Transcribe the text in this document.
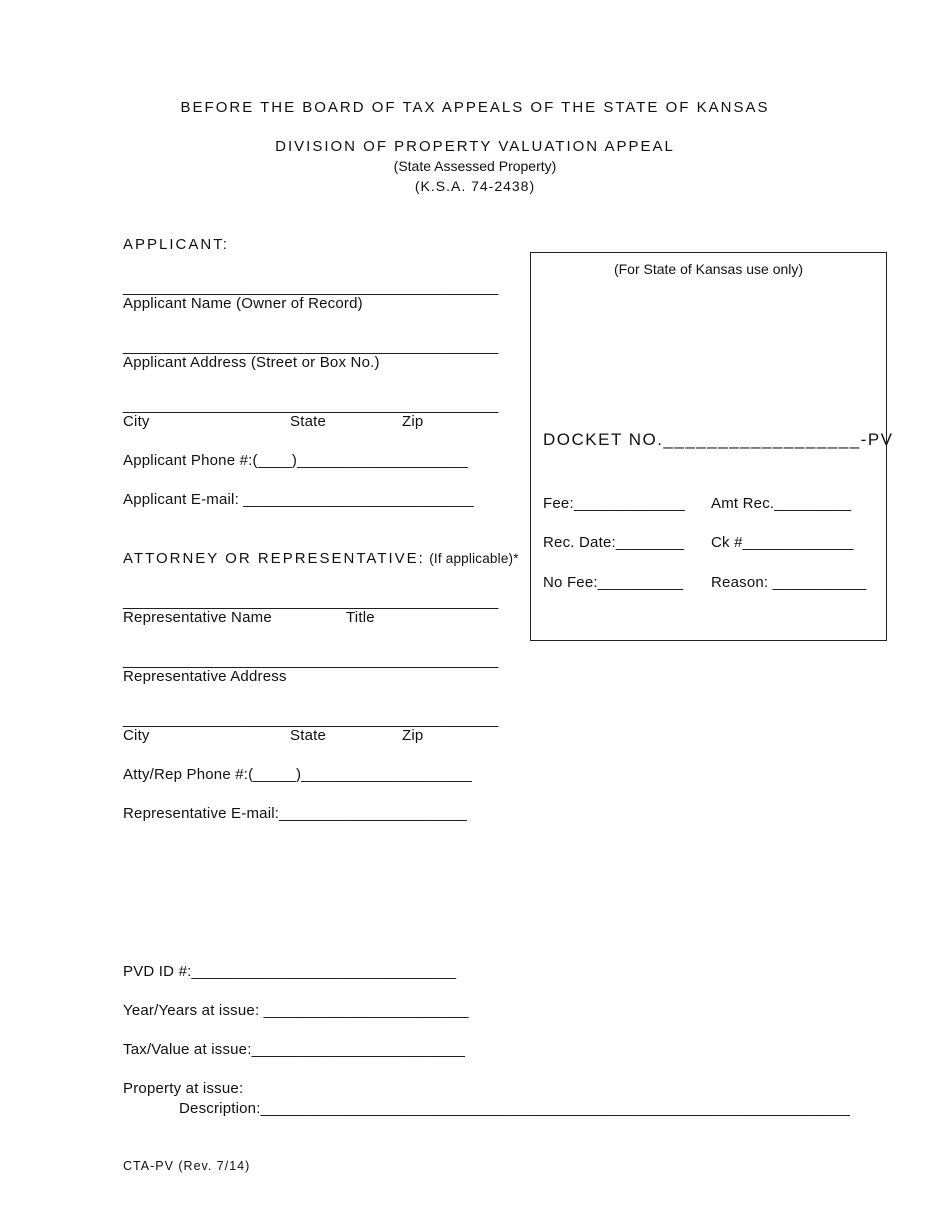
BEFORE THE BOARD OF TAX APPEALS OF THE STATE OF KANSAS
DIVISION OF PROPERTY VALUATION APPEAL
(State Assessed Property)
(K.S.A. 74-2438)
APPLICANT:
_____________________________________________
Applicant Name (Owner of Record)
_____________________________________________
Applicant Address (Street or Box No.)
_____________________________________________
City	State	Zip
Applicant Phone #:(____)____________________
Applicant E-mail: ___________________________
ATTORNEY OR REPRESENTATIVE: (If applicable)*
_____________________________________________
Representative Name	Title
_____________________________________________
Representative Address
_____________________________________________
City	State	Zip
Atty/Rep Phone #:(_____)____________________
Representative E-mail:______________________
(For State of Kansas use only)
DOCKET NO.__________________-PV
Fee:_____________ Amt Rec._________
Rec. Date:________ Ck #_____________
No Fee:__________ Reason: ___________
PVD ID #:_______________________________
Year/Years at issue: ________________________
Tax/Value at issue:_________________________
Property at issue:
Description:_____________________________________________________________________
CTA-PV (Rev. 7/14)
